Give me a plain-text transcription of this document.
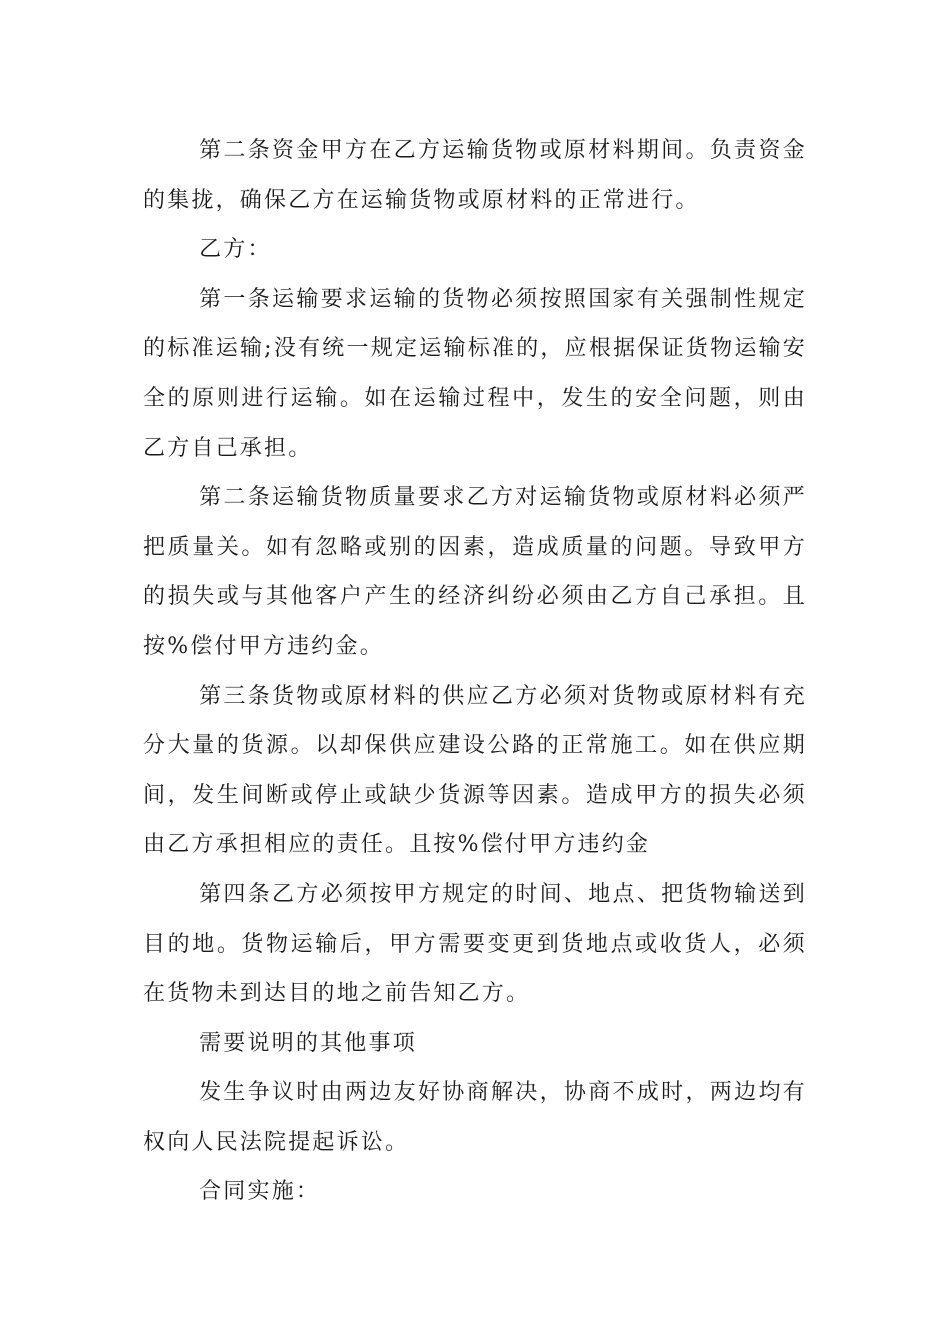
第二条资金甲方在乙方运输货物或原材料期间。负责资金的集拢，确保乙方在运输货物或原材料的正常进行。

乙方：

第一条运输要求运输的货物必须按照国家有关强制性规定的标准运输;没有统一规定运输标准的，应根据保证货物运输安全的原则进行运输。如在运输过程中，发生的安全问题，则由乙方自己承担。

第二条运输货物质量要求乙方对运输货物或原材料必须严把质量关。如有忽略或别的因素，造成质量的问题。导致甲方的损失或与其他客户产生的经济纠纷必须由乙方自己承担。且按%偿付甲方违约金。

第三条货物或原材料的供应乙方必须对货物或原材料有充分大量的货源。以却保供应建设公路的正常施工。如在供应期间，发生间断或停止或缺少货源等因素。造成甲方的损失必须由乙方承担相应的责任。且按%偿付甲方违约金

第四条乙方必须按甲方规定的时间、地点、把货物输送到目的地。货物运输后，甲方需要变更到货地点或收货人，必须在货物未到达目的地之前告知乙方。

需要说明的其他事项

发生争议时由两边友好协商解决，协商不成时，两边均有权向人民法院提起诉讼。

合同实施：
